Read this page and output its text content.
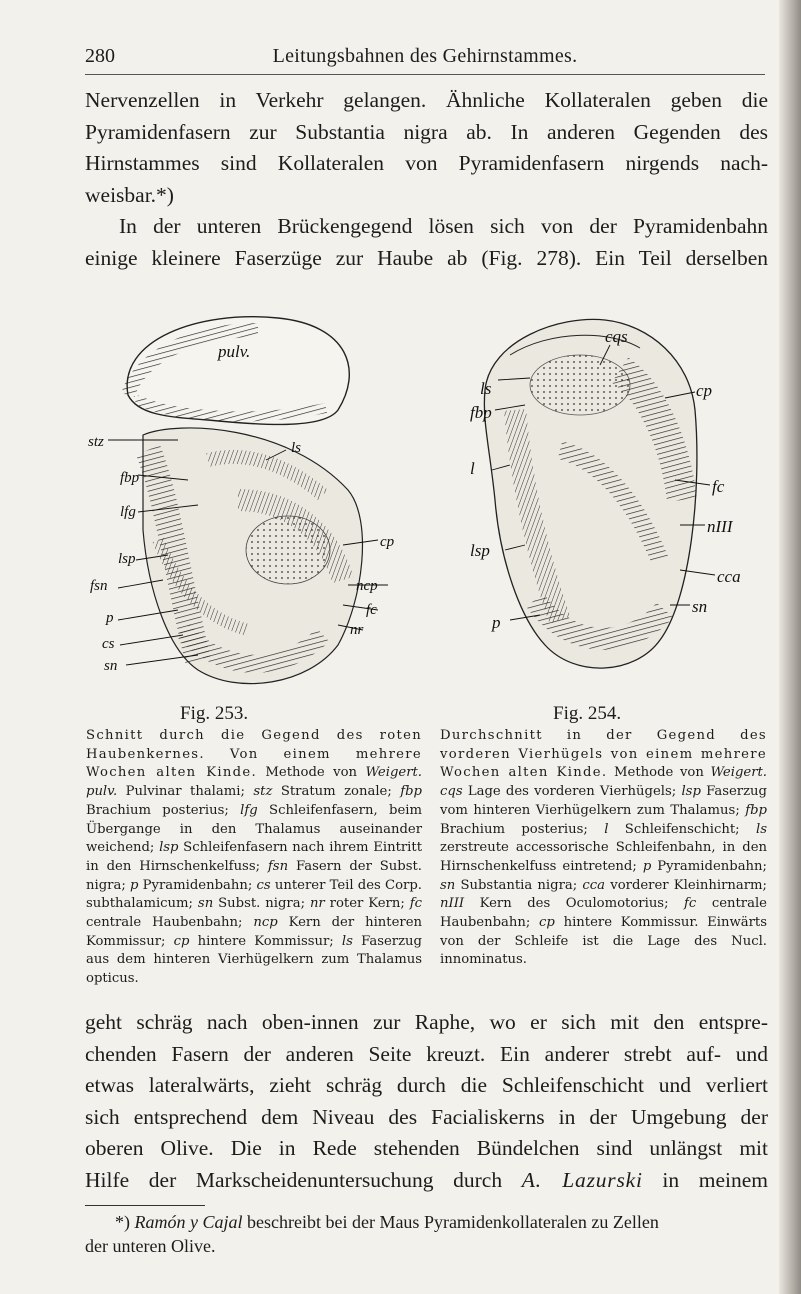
280	Leitungsbahnen des Gehirnstammes.

Nervenzellen in Verkehr gelangen. Ähnliche Kollateralen geben die

Pyramidenfasern zur Substantia nigra ab. In anderen Gegenden des

Hirnstammes sind Kollateralen von Pyramidenfasern nirgends nach-

weisbar.*)

In der unteren Brückengegend lösen sich von der Pyramidenbahn

einige kleinere Faserzüge zur Haube ab (Fig. 278). Ein Teil derselben

pulv.
stz	ls
fbp
lfg
lsp
fsn
p
cs
sn
cp
ncp
fc
nr
cqs
ls	cp
fbp
l
fc
nIII
lsp
cca
sn
p
Fig. 253.
Schnitt durch die Gegend des roten Haubenkernes. Von einem mehrere Wochen alten Kinde. Methode von Weigert. pulv. Pulvinar thalami; stz Stratum zonale; fbp Brachium posterius; lfg Schleifenfasern, beim Übergange in den Thalamus auseinander weichend; lsp Schleifenfasern nach ihrem Eintritt in den Hirnschenkelfuss; fsn Fasern der Subst. nigra; p Pyramidenbahn; cs unterer Teil des Corp. subthalamicum; sn Subst. nigra; nr roter Kern; fc centrale Haubenbahn; ncp Kern der hinteren Kommissur; cp hintere Kommissur; ls Faserzug aus dem hinteren Vierhügelkern zum Thalamus opticus.
Fig. 254.
Durchschnitt in der Gegend des vorderen Vierhügels von einem mehrere Wochen alten Kinde. Methode von Weigert. cqs Lage des vorderen Vierhügels; lsp Faserzug vom hinteren Vierhügelkern zum Thalamus; fbp Brachium posterius; l Schleifenschicht; ls zerstreute accessorische Schleifenbahn, in den Hirnschenkelfuss eintretend; p Pyramidenbahn; sn Substantia nigra; cca vorderer Kleinhirnarm; nIII Kern des Oculomotorius; fc centrale Haubenbahn; cp hintere Kommissur. Einwärts von der Schleife ist die Lage des Nucl. innominatus.

geht schräg nach oben-innen zur Raphe, wo er sich mit den entspre-

chenden Fasern der anderen Seite kreuzt. Ein anderer strebt auf- und

etwas lateralwärts, zieht schräg durch die Schleifenschicht und verliert

sich entsprechend dem Niveau des Facialiskerns in der Umgebung der

oberen Olive. Die in Rede stehenden Bündelchen sind unlängst mit

Hilfe der Markscheidenuntersuchung durch A. Lazurski in meinem

*) Ramón y Cajal beschreibt bei der Maus Pyramidenkollateralen zu Zellen

der unteren Olive.
